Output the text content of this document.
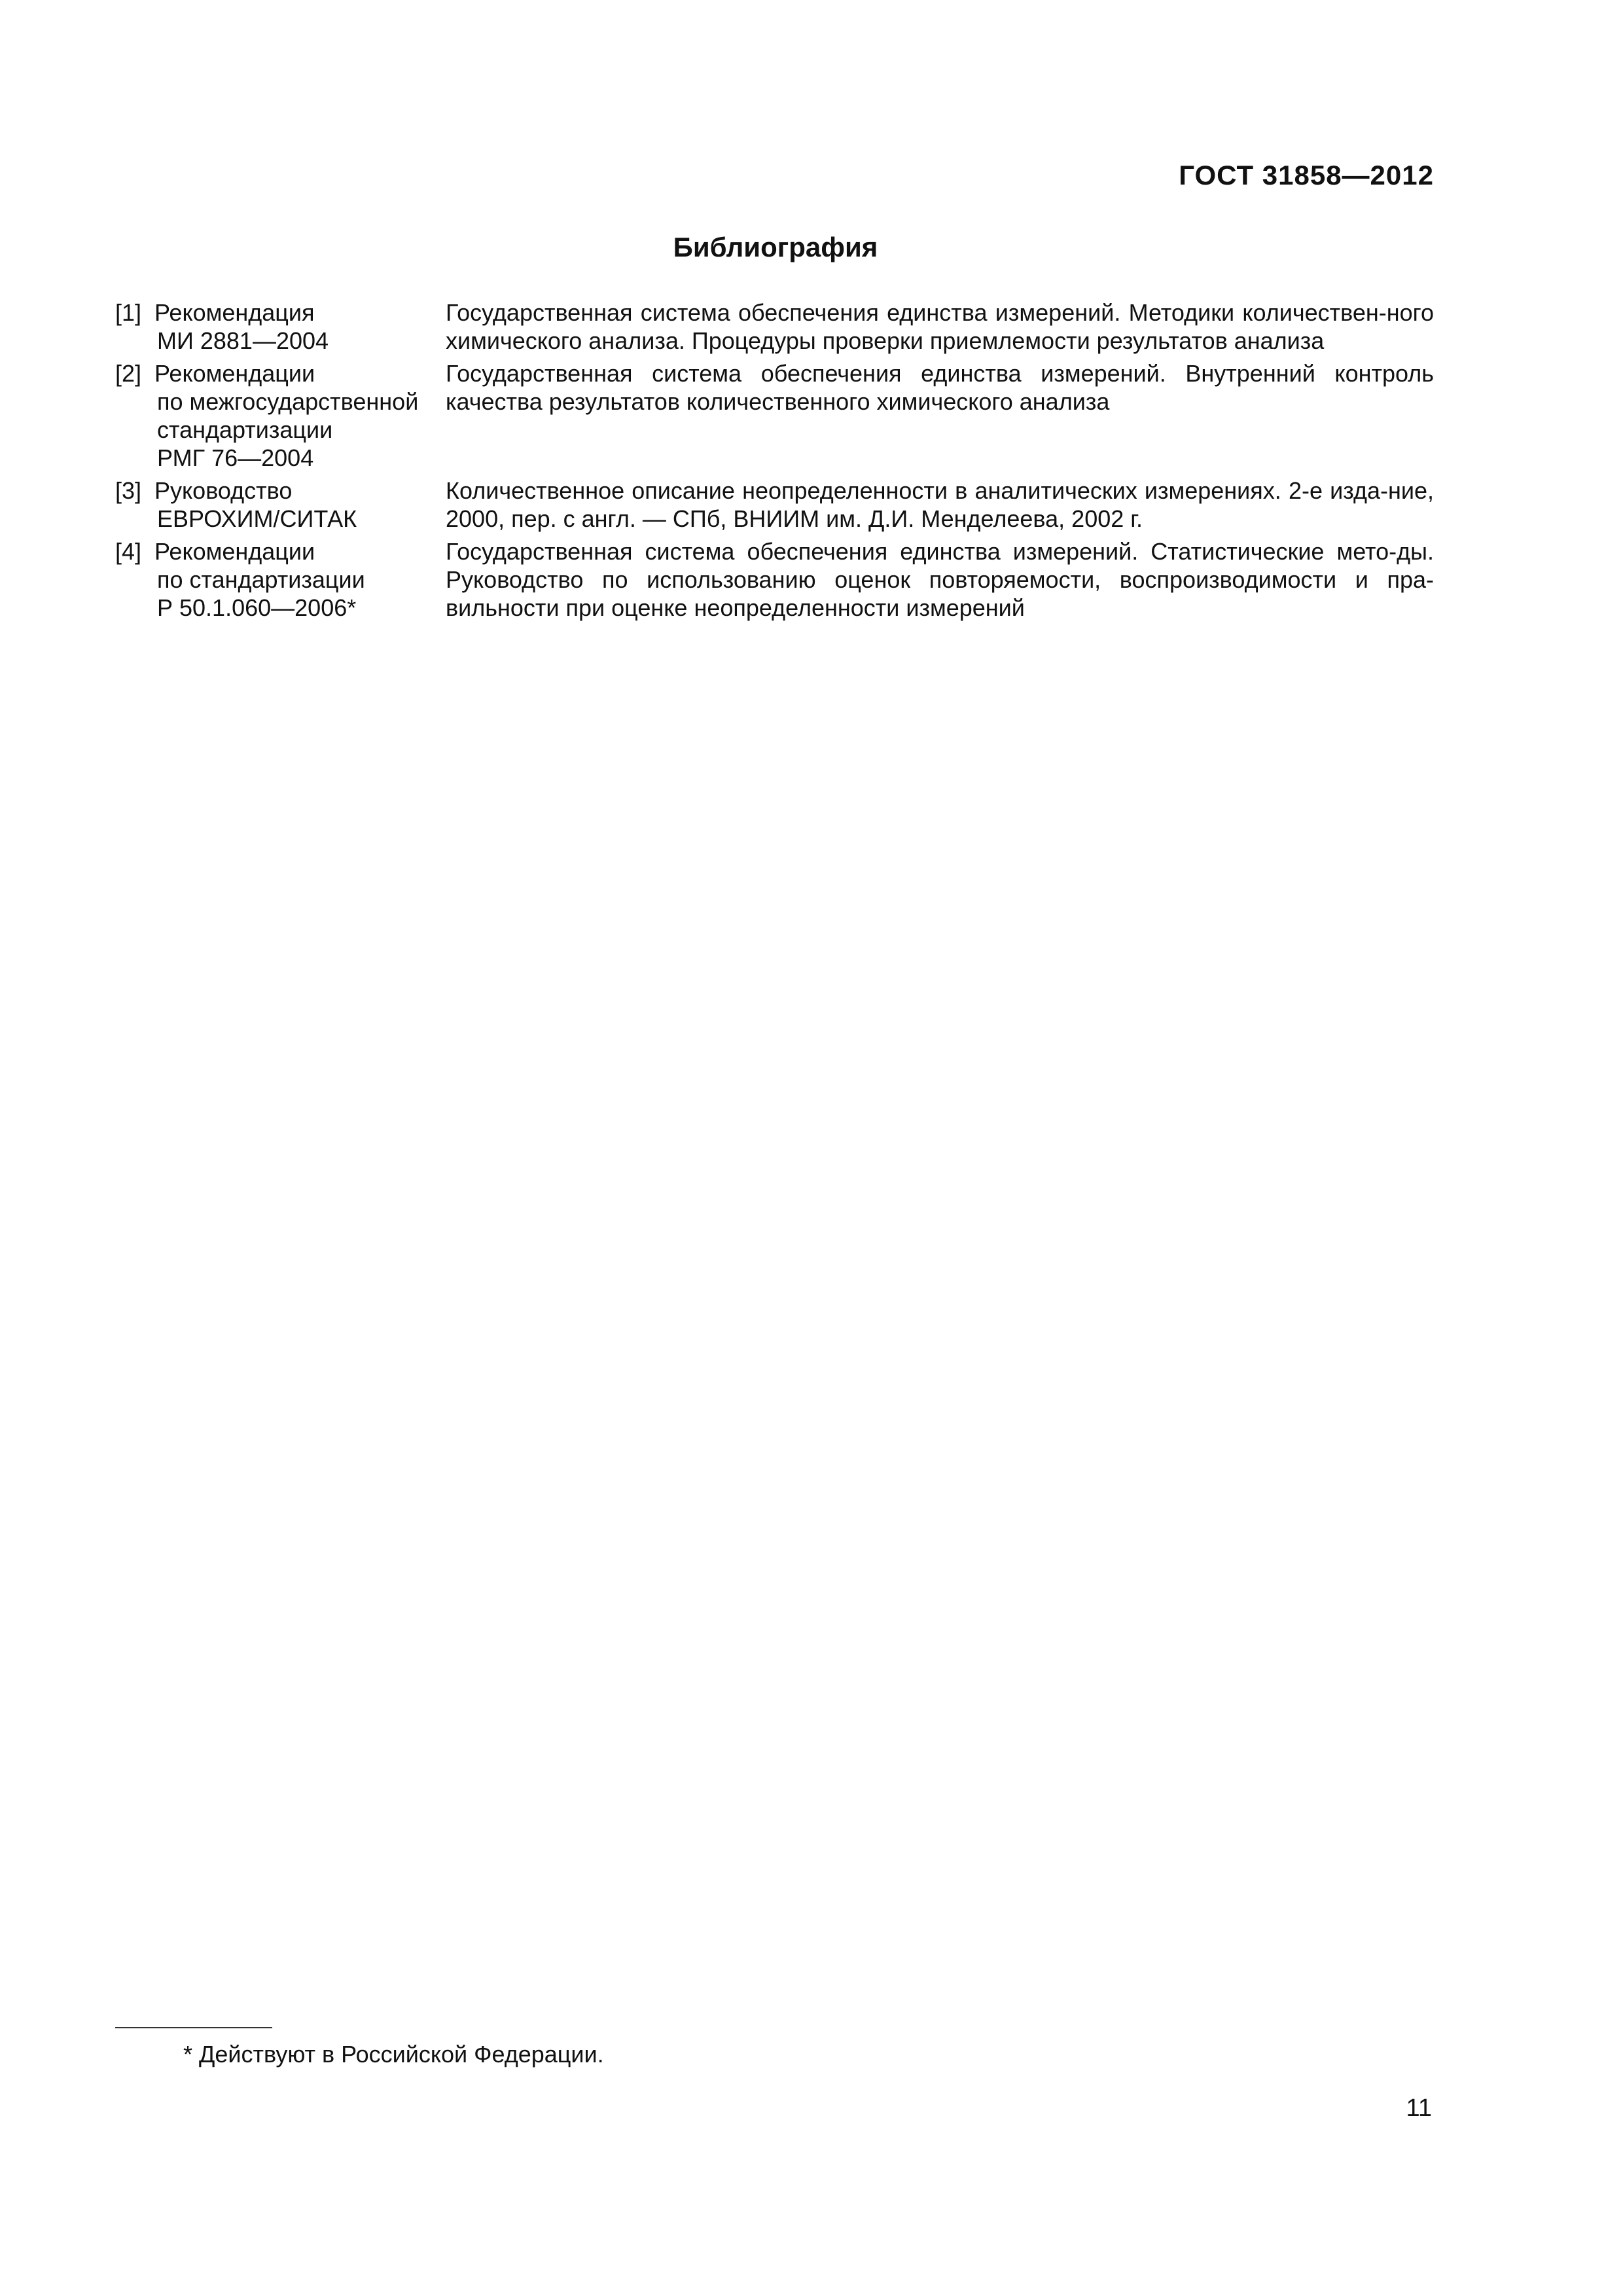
ГОСТ 31858—2012
Библиография
[1] Рекомендация
МИ 2881—2004
Государственная система обеспечения единства измерений. Методики количествен-ного химического анализа. Процедуры проверки приемлемости результатов анализа
[2] Рекомендации
по межгосударственной
стандартизации
РМГ 76—2004
Государственная система обеспечения единства измерений. Внутренний контроль качества результатов количественного химического анализа
[3] Руководство
ЕВРОХИМ/СИТАК
Количественное описание неопределенности в аналитических измерениях. 2-е изда-ние, 2000, пер. с англ. — СПб, ВНИИМ им. Д.И. Менделеева, 2002 г.
[4] Рекомендации
по стандартизации
Р 50.1.060—2006*
Государственная система обеспечения единства измерений. Статистические мето-ды. Руководство по использованию оценок повторяемости, воспроизводимости и пра-вильности при оценке неопределенности измерений
* Действуют в Российской Федерации.
11
